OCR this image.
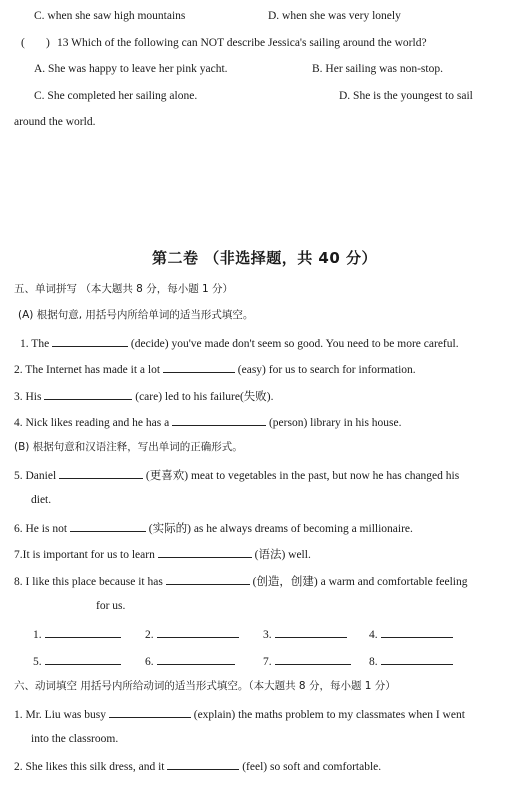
C. when she saw high mountains	D. when she was very lonely
( ) 13 Which of the following can NOT describe Jessica's sailing around the world?
A. She was happy to leave her pink yacht.	B. Her sailing was non-stop.
C. She completed her sailing alone.	D. She is the youngest to sail
around the world.
第二卷 （非选择题，共 40 分）
五、单词拼写 （本大题共 8 分，每小题 1 分）
(A) 根据句意, 用括号内所给单词的适当形式填空。
1. The	(decide) you've made don't seem so good. You need to be more careful.
2. The Internet has made it a lot	(easy) for us to search for information.
3. His	(care) led to his failure(失败).
4. Nick likes reading and he has a	(person) library in his house.
(B) 根据句意和汉语注释，写出单词的正确形式。
5. Daniel	(更喜欢) meat to vegetables in the past, but now he has changed his
diet.
6. He is not	(实际的) as he always dreams of becoming a millionaire.
7.It is important for us to learn	(语法) well.
8. I like this place because it has	(创造，创建) a warm and comfortable feeling
for us.
1.	2.	3.	4.
5.	6.	7.	8.
六、动词填空 用括号内所给动词的适当形式填空。（本大题共 8 分，每小题 1 分）
1. Mr. Liu was busy	(explain) the maths problem to my classmates when I went
into the classroom.
2. She likes this silk dress, and it	(feel) so soft and comfortable.
